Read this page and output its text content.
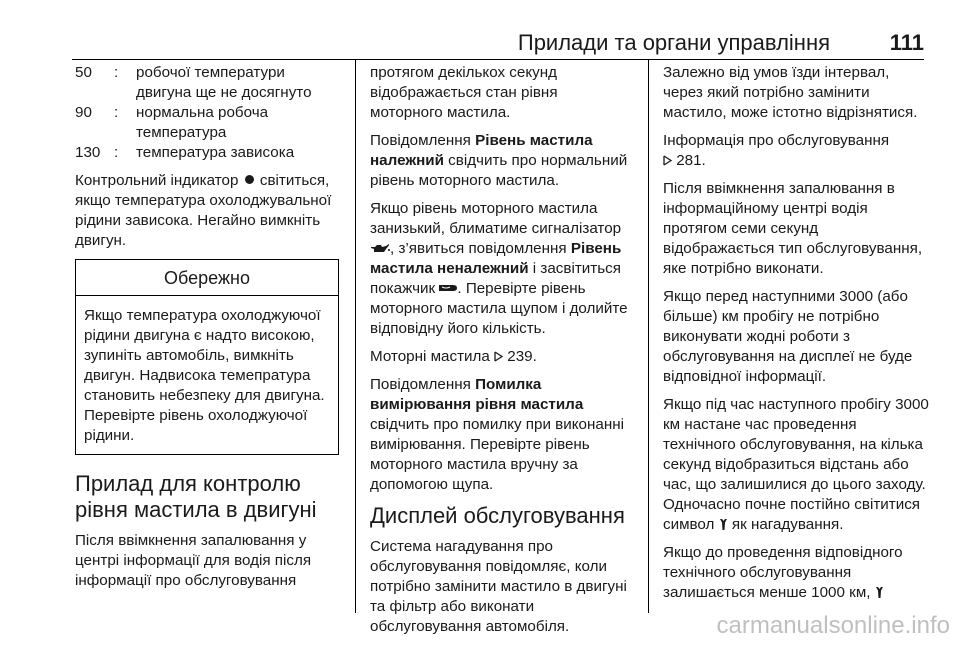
Прилади та органи управління	111
50	:	робочої температури двигуна ще не досягнуто
90	:	нормальна робоча температура
130	:	температура зависока

Контрольний індикатор світиться, якщо температура охолоджувальної рідини зависока. Негайно вимкніть двигун.

Обережно
Якщо температура охолоджуючої рідини двигуна є надто високою, зупиніть автомобіль, вимкніть двигун. Надвисока темепратура становить небезпеку для двигуна. Перевірте рівень охолоджуючої рідини.
Прилад для контролю рівня мастила в двигуні

Після ввімкнення запалювання у центрі інформації для водія після інформації про обслуговування

протягом декількох секунд відображається стан рівня моторного мастила.

Повідомлення Рівень мастила належний свідчить про нормальний рівень моторного мастила.

Якщо рівень моторного мастила занизький, блиматиме сигналізатор , з’явиться повідомлення Рівень мастила неналежний і засвітиться покажчик . Перевірте рівень моторного мастила щупом і долийте відповідну його кількість.

Моторні мастила  239.

Повідомлення Помилка вимірювання рівня мастила свідчить про помилку при виконанні вимірювання. Перевірте рівень моторного мастила вручну за допомогою щупа.

Дисплей обслуговування

Система нагадування про обслуговування повідомляє, коли потрібно замінити мастило в двигуні та фільтр або виконати обслуговування автомобіля.

Залежно від умов їзди інтервал, через який потрібно замінити мастило, може істотно відрізнятися.

Інформація про обслуговування
281.

Після ввімкнення запалювання в інформаційному центрі водія протягом семи секунд відображається тип обслуговування, яке потрібно виконати.

Якщо перед наступними 3000 (або більше) км пробігу не потрібно виконувати жодні роботи з обслуговування на дисплеї не буде відповідної інформації.

Якщо під час наступного пробігу 3000 км настане час проведення технічного обслуговування, на кілька секунд відобразиться відстань або час, що залишилися до цього заходу. Одночасно почне постійно світитися символ  як нагадування.

Якщо до проведення відповідного технічного обслуговування залишається менше 1000 км,

carmanualsonline.info
